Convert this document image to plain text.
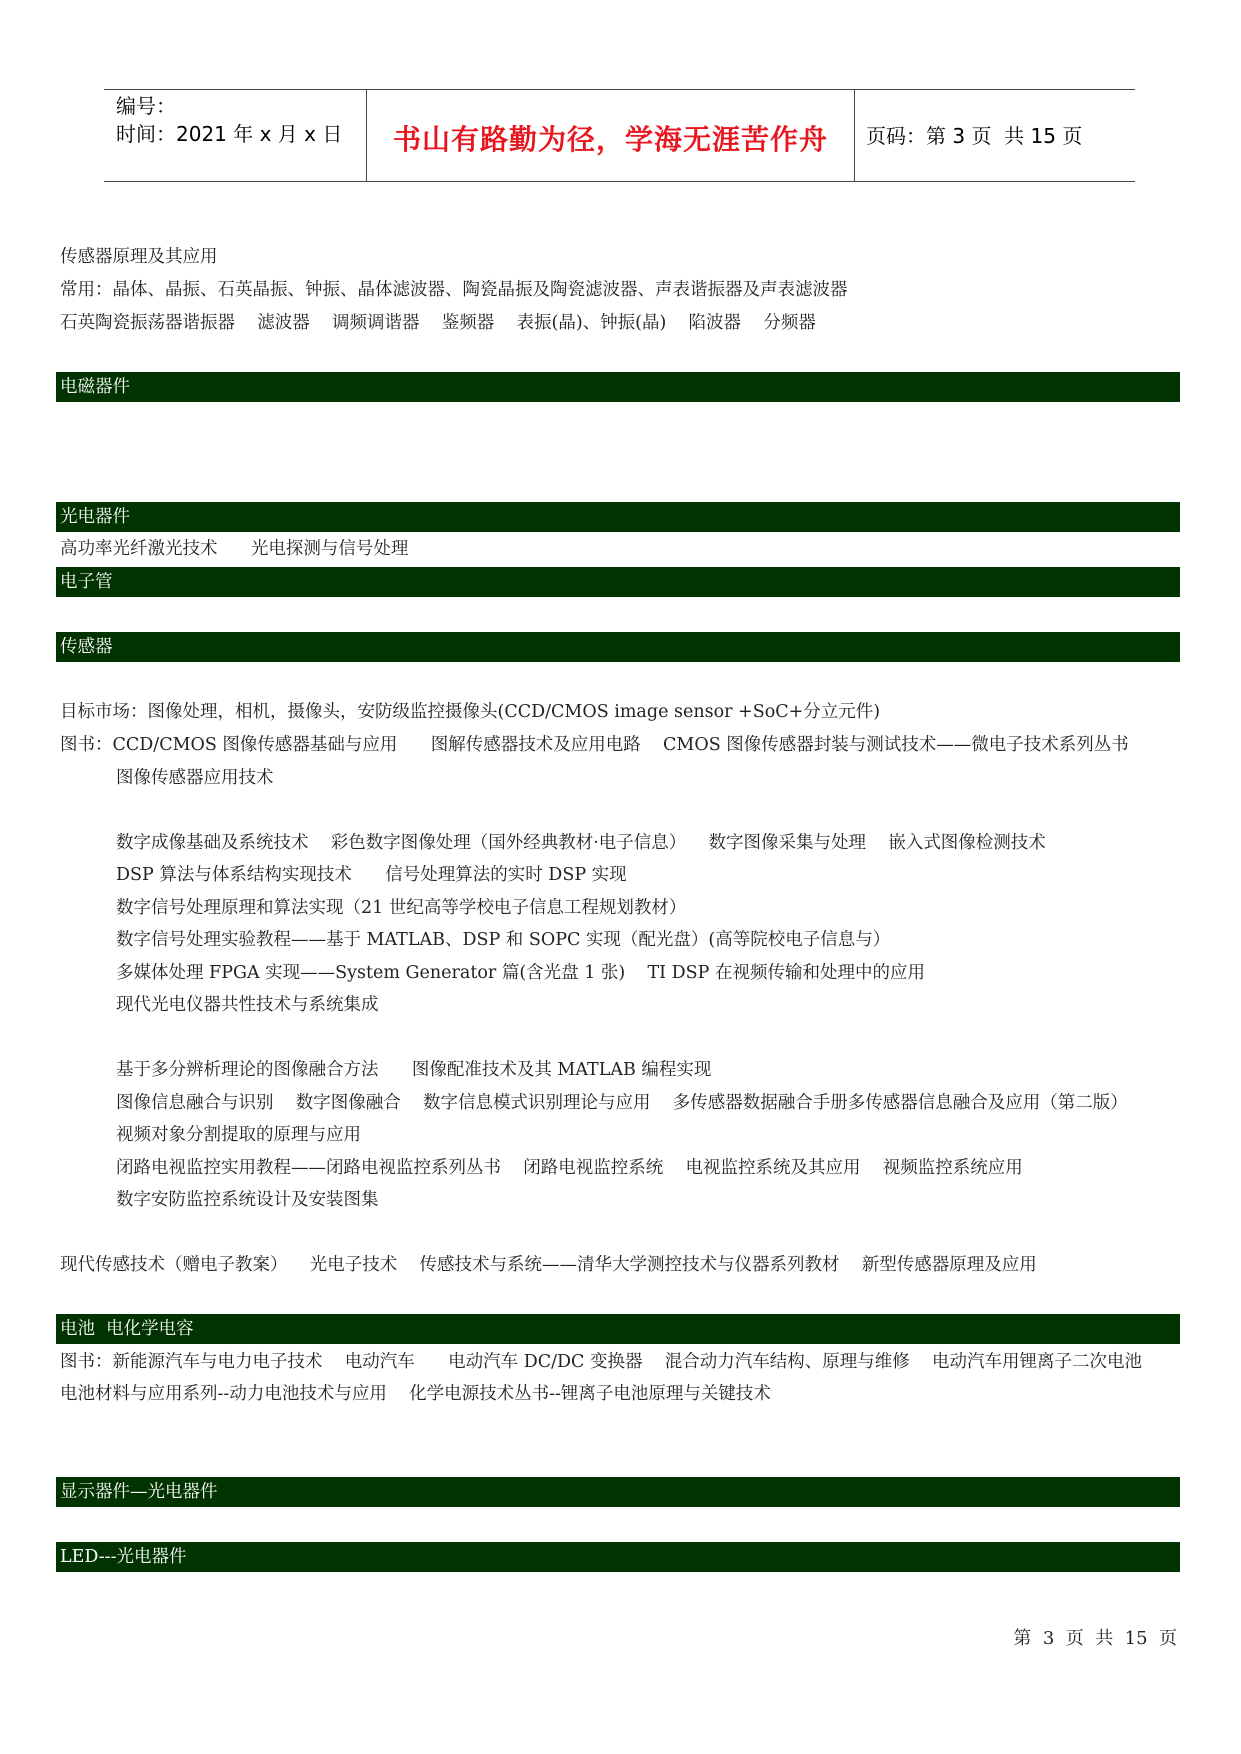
编号：
时间：2021 年 x 月 x 日	书山有路勤为径，学海无涯苦作舟	页码：第 3 页  共 15 页
传感器原理及其应用
常用：晶体、晶振、石英晶振、钟振、晶体滤波器、陶瓷晶振及陶瓷滤波器、声表谐振器及声表滤波器
石英陶瓷振荡器谐振器    滤波器    调频调谐器    鉴频器    表振(晶)、钟振(晶)    陷波器    分频器
电磁器件
光电器件
高功率光纤激光技术      光电探测与信号处理
电子管
传感器
目标市场：图像处理，相机，摄像头，安防级监控摄像头(CCD/CMOS image sensor +SoC+分立元件)
图书：CCD/CMOS 图像传感器基础与应用      图解传感器技术及应用电路    CMOS 图像传感器封装与测试技术——微电子技术系列丛书
图像传感器应用技术
数字成像基础及系统技术    彩色数字图像处理（国外经典教材·电子信息）    数字图像采集与处理    嵌入式图像检测技术
DSP 算法与体系结构实现技术      信号处理算法的实时 DSP 实现
数字信号处理原理和算法实现（21 世纪高等学校电子信息工程规划教材）
数字信号处理实验教程——基于 MATLAB、DSP 和 SOPC 实现（配光盘）(高等院校电子信息与）
多媒体处理 FPGA 实现——System Generator 篇(含光盘 1 张)    TI DSP 在视频传输和处理中的应用
现代光电仪器共性技术与系统集成
基于多分辨析理论的图像融合方法      图像配准技术及其 MATLAB 编程实现
图像信息融合与识别    数字图像融合    数字信息模式识别理论与应用    多传感器数据融合手册多传感器信息融合及应用（第二版）
视频对象分割提取的原理与应用
闭路电视监控实用教程——闭路电视监控系列丛书    闭路电视监控系统    电视监控系统及其应用    视频监控系统应用
数字安防监控系统设计及安装图集
现代传感技术（赠电子教案）    光电子技术    传感技术与系统——清华大学测控技术与仪器系列教材    新型传感器原理及应用
电池  电化学电容
图书：新能源汽车与电力电子技术    电动汽车      电动汽车 DC/DC 变换器    混合动力汽车结构、原理与维修    电动汽车用锂离子二次电池
电池材料与应用系列--动力电池技术与应用    化学电源技术丛书--锂离子电池原理与关键技术
显示器件—光电器件
LED---光电器件
第  3  页  共  15  页
